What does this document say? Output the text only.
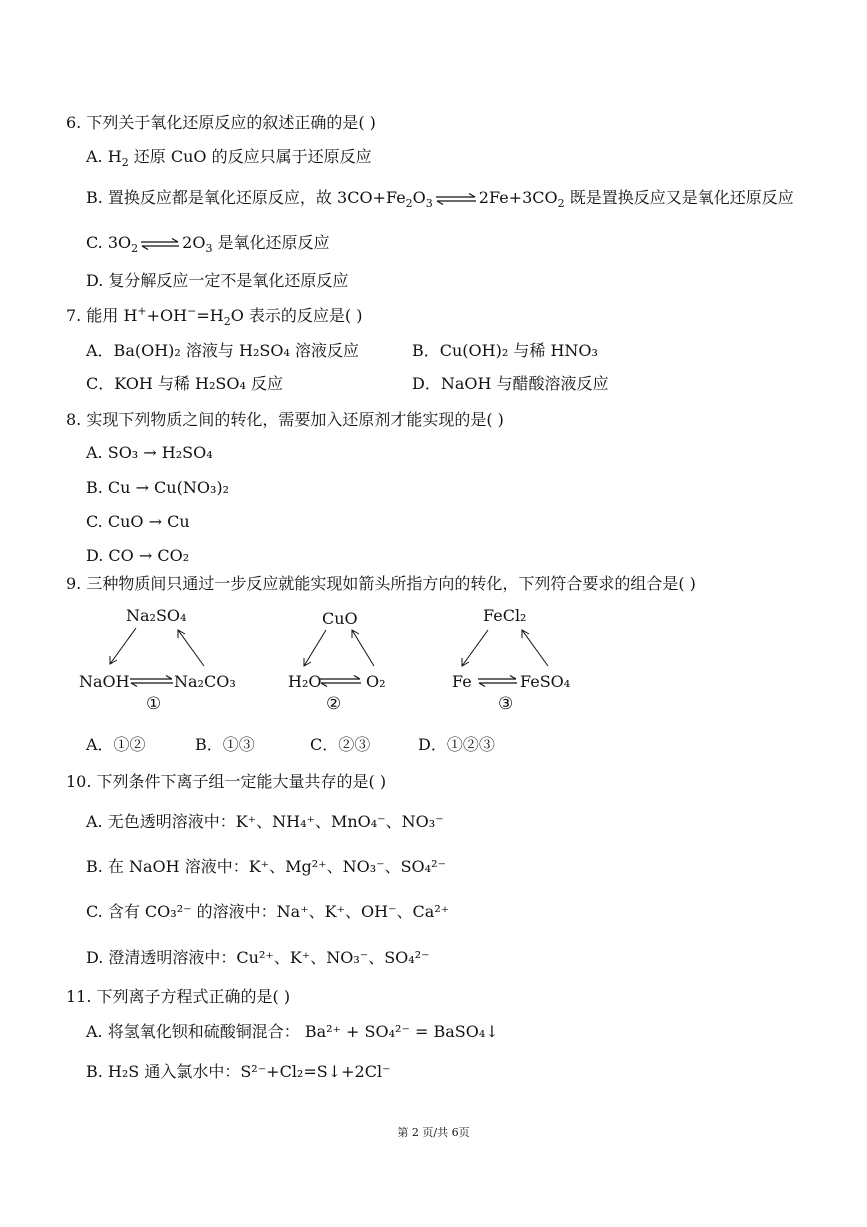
6. 下列关于氧化还原反应的叙述正确的是( )
A. $H_2$ 还原 CuO 的反应只属于还原反应
B. 置换反应都是氧化还原反应，故 $3CO+Fe_2O_3$ ⇌ $2Fe+3CO_2$ 既是置换反应又是氧化还原反应
C. $3O_2$ ⇌ $2O_3$ 是氧化还原反应
D. 复分解反应一定不是氧化还原反应
7. 能用 $H^++OH^-=H_2O$ 表示的反应是( )
A．Ba(OH)₂ 溶液与 H₂SO₄ 溶液反应	B．Cu(OH)₂ 与稀 HNO₃
C．KOH 与稀 H₂SO₄ 反应	D．NaOH 与醋酸溶液反应
8. 实现下列物质之间的转化，需要加入还原剂才能实现的是( )
A. SO₃ → H₂SO₄
B. Cu → Cu(NO₃)₂
C. CuO → Cu
D. CO → CO₂
9. 三种物质间只通过一步反应就能实现如箭头所指方向的转化，下列符合要求的组合是( )
Na₂SO₄
NaOH	Na₂CO₃
①
CuO
H₂O	O₂
②
FeCl₂
Fe	FeSO₄
③
A．①②	B．①③	C．②③	D．①②③
10. 下列条件下离子组一定能大量共存的是( )
A. 无色透明溶液中：K⁺、NH₄⁺、MnO₄⁻、NO₃⁻
B. 在 NaOH 溶液中：K⁺、Mg²⁺、NO₃⁻、SO₄²⁻
C. 含有 CO₃²⁻ 的溶液中：Na⁺、K⁺、OH⁻、Ca²⁺
D. 澄清透明溶液中：Cu²⁺、K⁺、NO₃⁻、SO₄²⁻
11. 下列离子方程式正确的是( )
A. 将氢氧化钡和硫酸铜混合： Ba²⁺ + SO₄²⁻ = BaSO₄↓
B. H₂S 通入氯水中：S²⁻+Cl₂=S↓+2Cl⁻
第 2 页/共 6页
